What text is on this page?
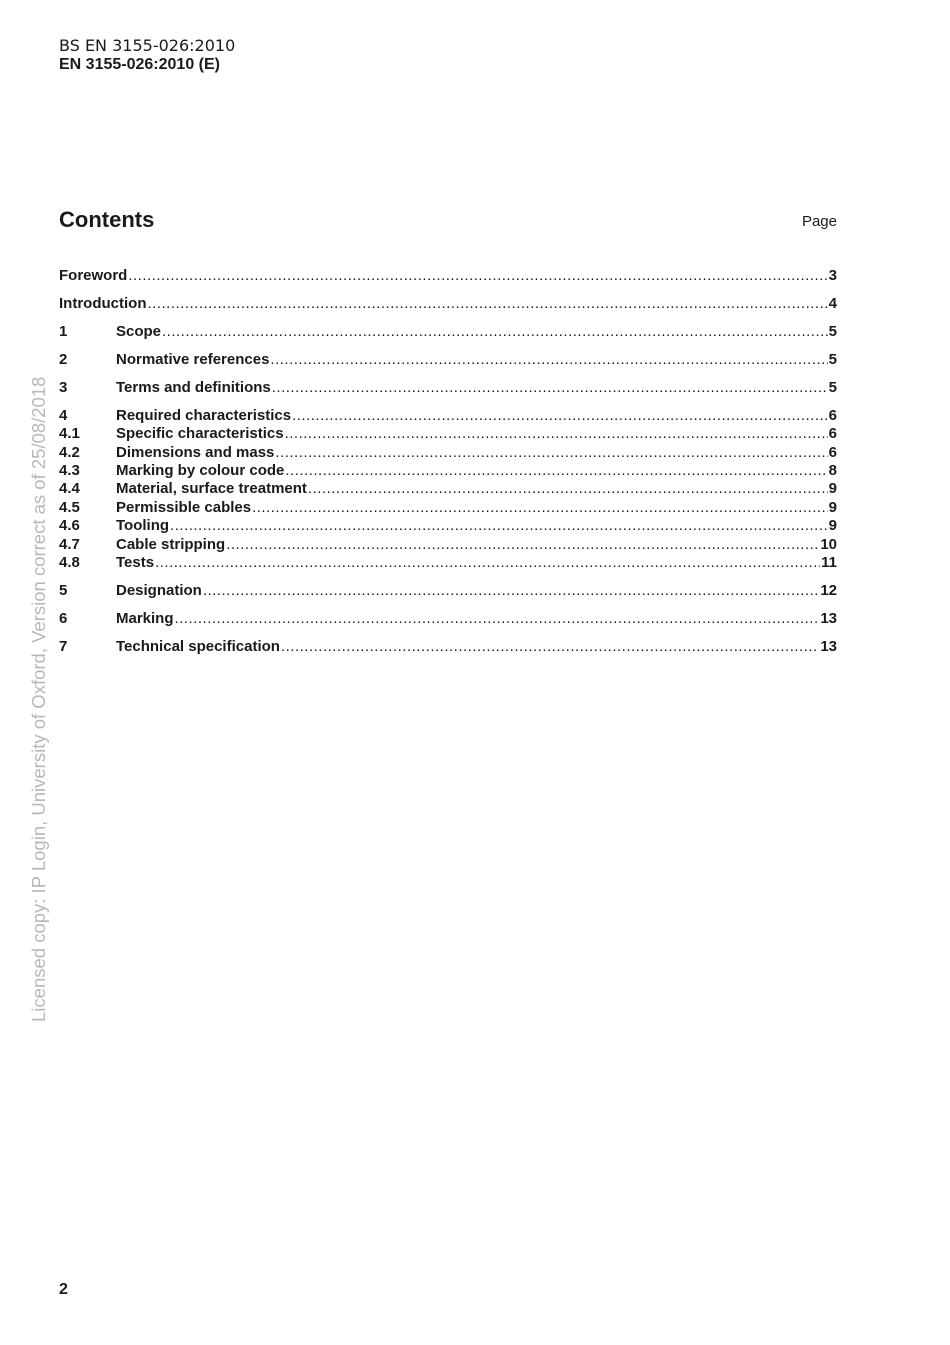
BS EN 3155-026:2010
EN 3155-026:2010 (E)
Contents	Page
Foreword .....	3
Introduction .....	4
1	Scope .....	5
2	Normative references .....	5
3	Terms and definitions .....	5
4	Required characteristics .....	6
4.1	Specific characteristics .....	6
4.2	Dimensions and mass .....	6
4.3	Marking by colour code .....	8
4.4	Material, surface treatment .....	9
4.5	Permissible cables .....	9
4.6	Tooling .....	9
4.7	Cable stripping .....	10
4.8	Tests .....	11
5	Designation .....	12
6	Marking .....	13
7	Technical specification .....	13
Licensed copy: IP Login, University of Oxford, Version correct as of 25/08/2018
2
